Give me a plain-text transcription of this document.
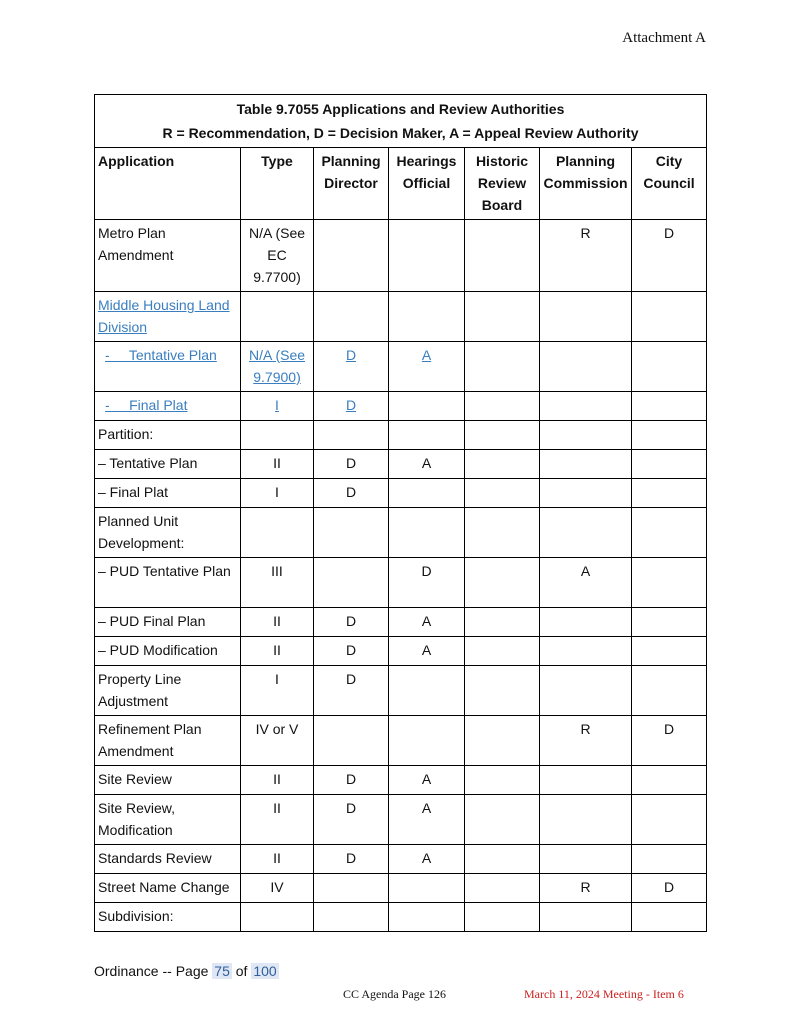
Attachment A
Table 9.7055 Applications and Review Authorities
R = Recommendation, D = Decision Maker, A = Appeal Review Authority						

Application	Type	Planning Director	Hearings Official	Historic Review Board	Planning Commission	City Council
Metro Plan Amendment	N/A (See EC 9.7700)				R	D
Middle Housing Land Division						
-     Tentative Plan	N/A (See 9.7900)	D	A			
-     Final Plat	I	D				
Partition:						
– Tentative Plan	II	D	A			
– Final Plat	I	D				
Planned Unit Development:						
– PUD Tentative Plan	III		D		A	
– PUD Final Plan	II	D	A			
– PUD Modification	II	D	A			
Property Line Adjustment	I	D				
Refinement Plan Amendment	IV or V				R	D
Site Review	II	D	A			
Site Review, Modification	II	D	A			
Standards Review	II	D	A			
Street Name Change	IV				R	D
Subdivision:						
Ordinance -- Page 75 of 100
CC Agenda Page 126	March 11, 2024 Meeting - Item 6
